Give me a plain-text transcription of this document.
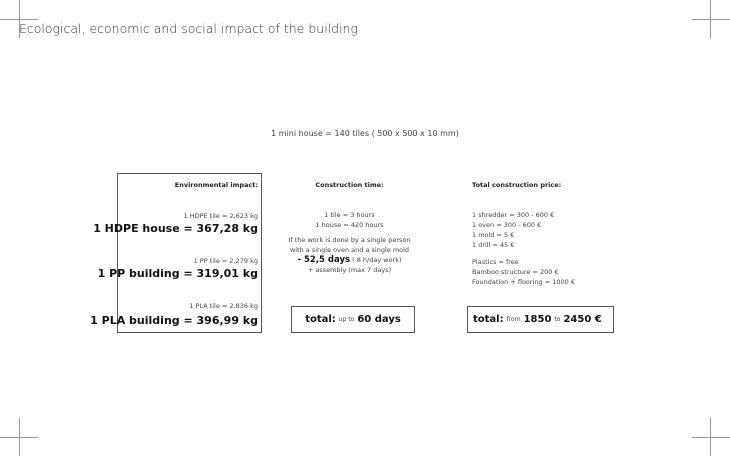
Ecological, economic and social impact of the building
1 mini house = 140 tiles ( 500 x 500 x 10 mm)
Environmental impact:
1 HDPE tile = 2,623 kg
1 HDPE house = 367,28 kg
1 PP tile = 2,279 kg
1 PP building = 319,01 kg
1 PLA tile = 2,836 kg
1 PLA building = 396,99 kg
Construction time:
1 tile = 3 hours
1 house = 420 hours
If the work is done by a single person
with a single oven and a single mold
- 52,5 days ( 8 h/day work)
+ assembly (max 7 days)
total: up to 60 days
Total construction price:
1 shredder = 300 - 600 €
1 oven = 300 - 600 €
1 mold = 5 €
1 drill = 45 €
Plastics = free
Bamboo structure = 200 €
Foundation + flooring = 1000 €
total: from 1850 to 2450 €
